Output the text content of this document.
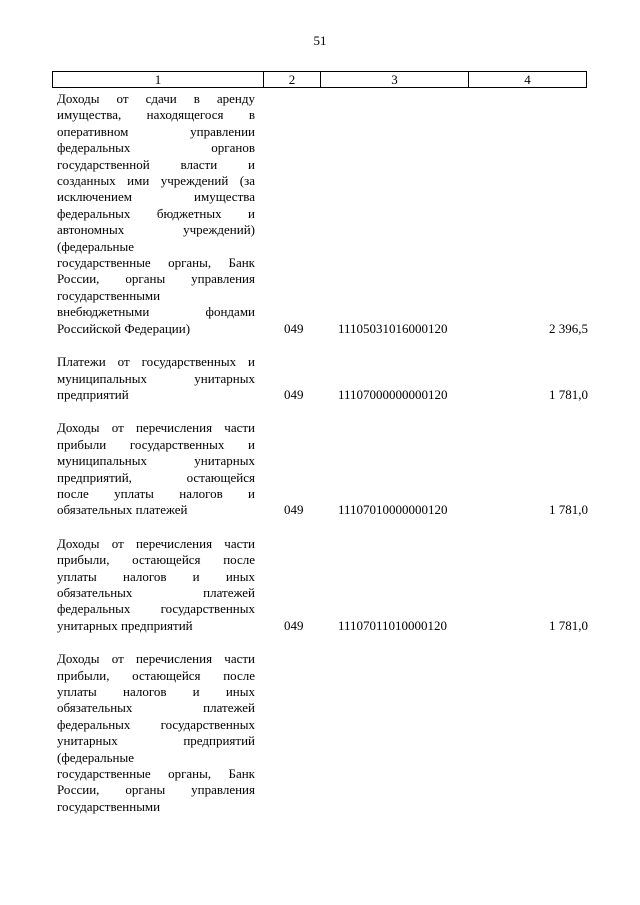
51
1	2	3	4
Доходы от сдачи в аренду
имущества, находящегося в
оперативном управлении
федеральных органов
государственной власти и
созданных ими учреждений (за
исключением имущества
федеральных бюджетных и
автономных учреждений)
(федеральные
государственные органы, Банк
России, органы управления
государственными
внебюджетными фондами
Российской Федерации)	049	11105031016000120	2 396,5
Платежи от государственных и
муниципальных унитарных
предприятий	049	11107000000000120	1 781,0
Доходы от перечисления части
прибыли государственных и
муниципальных унитарных
предприятий, остающейся
после уплаты налогов и
обязательных платежей	049	11107010000000120	1 781,0
Доходы от перечисления части
прибыли, остающейся после
уплаты налогов и иных
обязательных платежей
федеральных государственных
унитарных предприятий	049	11107011010000120	1 781,0
Доходы от перечисления части
прибыли, остающейся после
уплаты налогов и иных
обязательных платежей
федеральных государственных
унитарных предприятий
(федеральные
государственные органы, Банк
России, органы управления
государственными
